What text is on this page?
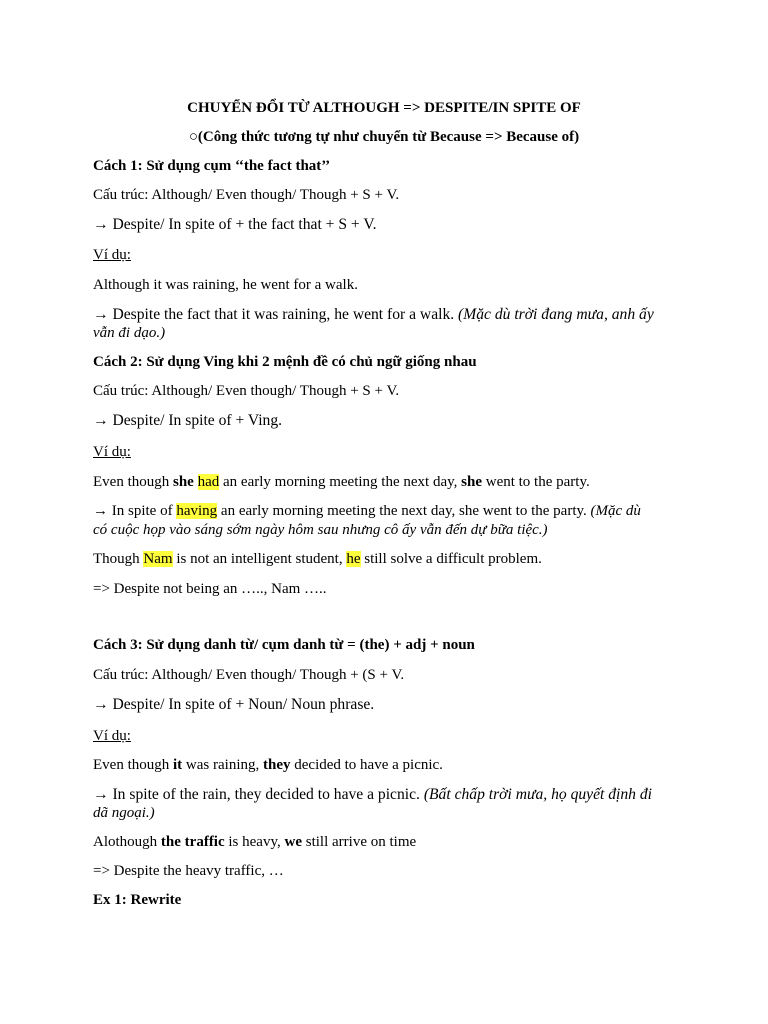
CHUYỂN ĐỔI TỪ ALTHOUGH => DESPITE/IN SPITE OF
○(Công thức tương tự như chuyển từ Because => Because of)
Cách 1: Sử dụng cụm ‘‘the fact that’’
Cấu trúc: Although/ Even though/ Though + S + V.
→ Despite/ In spite of + the fact that + S + V.
Ví dụ:
Although it was raining, he went for a walk.
→ Despite the fact that it was raining, he went for a walk. (Mặc dù trời đang mưa, anh ấy
vẫn đi dạo.)
Cách 2: Sử dụng Ving khi 2 mệnh đề có chủ ngữ giống nhau
Cấu trúc: Although/ Even though/ Though + S + V.
→ Despite/ In spite of + Ving.
Ví dụ:
Even though she had an early morning meeting the next day, she went to the party.
→ In spite of having an early morning meeting the next day, she went to the party. (Mặc dù
có cuộc họp vào sáng sớm ngày hôm sau nhưng cô ấy vẫn đến dự bữa tiệc.)
Though Nam is not an intelligent student, he still solve a difficult problem.
=> Despite not being an ….., Nam …..
Cách 3: Sử dụng danh từ/ cụm danh từ = (the) + adj + noun
Cấu trúc: Although/ Even though/ Though + (S + V.
→ Despite/ In spite of + Noun/ Noun phrase.
Ví dụ:
Even though it was raining, they decided to have a picnic.
→ In spite of the rain, they decided to have a picnic. (Bất chấp trời mưa, họ quyết định đi
dã ngoại.)
Alothough the traffic is heavy, we still arrive on time
=> Despite the heavy traffic, …
Ex 1: Rewrite
